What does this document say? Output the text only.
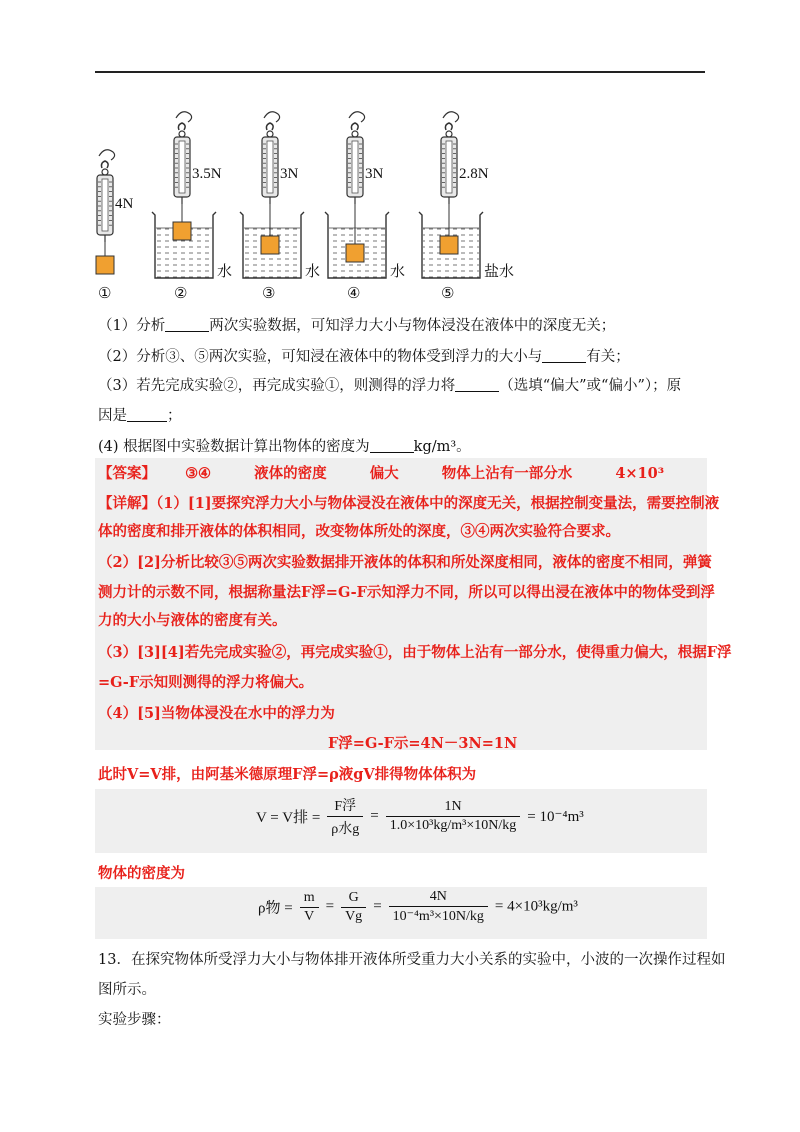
4N
①
3.5N
水
②
3N
水
③
3N
水
④
2.8N
盐水
⑤
（1）分析	两次实验数据，可知浮力大小与物体浸没在液体中的深度无关；
（2）分析③、⑤两次实验，可知浸在液体中的物体受到浮力的大小与	有关；
（3）若先完成实验②，再完成实验①，则测得的浮力将	（选填“偏大”或“偏小”）；原
因是	；
(4) 根据图中实验数据计算出物体的密度为	kg/m³。
【答案】 ③④	液体的密度	偏大	物体上沾有一部分水	4×10³
【详解】（1）[1]要探究浮力大小与物体浸没在液体中的深度无关，根据控制变量法，需要控制液
体的密度和排开液体的体积相同，改变物体所处的深度，③④两次实验符合要求。
（2）[2]分析比较③⑤两次实验数据排开液体的体积和所处深度相同，液体的密度不相同，弹簧
测力计的示数不同，根据称量法F浮=G-F示知浮力不同，所以可以得出浸在液体中的物体受到浮
力的大小与液体的密度有关。
（3）[3][4]若先完成实验②，再完成实验①，由于物体上沾有一部分水，使得重力偏大，根据F浮
=G-F示知则测得的浮力将偏大。
（4）[5]当物体浸没在水中的浮力为
F浮=G-F示=4N－3N=1N
此时V=V排，由阿基米德原理F浮=ρ液gV排得物体体积为
V = V排 = $\frac{\text{F浮}}{\text{ρ水g}} = \frac{1N}{\text{1.0×10³kg/m³×10N/kg}} = 10^{-4}m^3$
物体的密度为
ρ物 = $\frac{m}{V} = \frac{G}{Vg} = \frac{4N}{\text{10⁻⁴m³×10N/kg}} = 4\times 10^3kg/m^3$
13．在探究物体所受浮力大小与物体排开液体所受重力大小关系的实验中，小波的一次操作过程如
图所示。
实验步骤：
